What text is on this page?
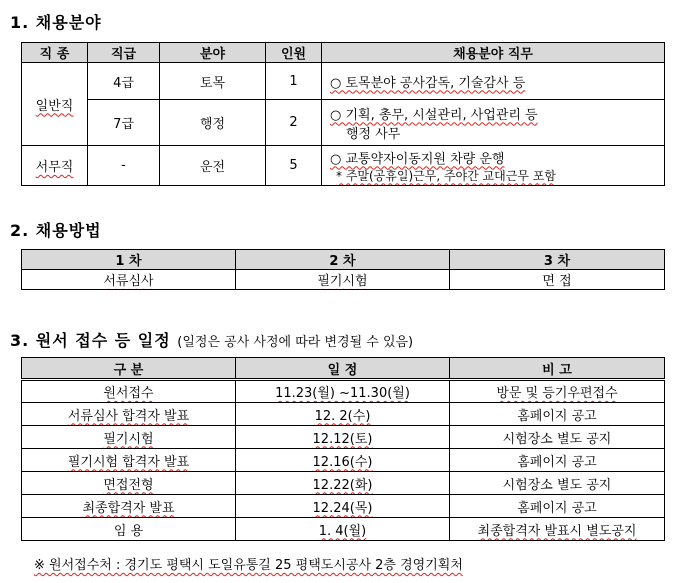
1. 채용분야
직 종	직급	분야	인원	채용분야 직무
일반직	4급	토목	1	○ 토목분야 공사감독, 기술감사 등
	7급	행정	2	○ 기획, 총무, 시설관리, 사업관리 등
행정 사무

서무직	-	운전	5	○ 교통약자이동지원 차량 운행
* 주말(공휴일)근무, 주야간 교대근무 포함
2. 채용방법
1 차	2 차	3 차
서류심사	필기시험	면 접
3. 원서 접수 등 일정 (일정은 공사 사정에 따라 변경될 수 있음)
구 분	일 정	비 고
원서접수	11.23(월) ~11.30(월)	방문 및 등기우편접수
서류심사 합격자 발표	12. 2(수)	홈페이지 공고
필기시험	12.12(토)	시험장소 별도 공지
필기시험 합격자 발표	12.16(수)	홈페이지 공고
면접전형	12.22(화)	시험장소 별도 공지
최종합격자 발표	12.24(목)	홈페이지 공고
임 용	1. 4(월)	최종합격자 발표시 별도공지
※ 원서접수처 : 경기도 평택시 도일유통길 25 평택도시공사 2층 경영기획처
